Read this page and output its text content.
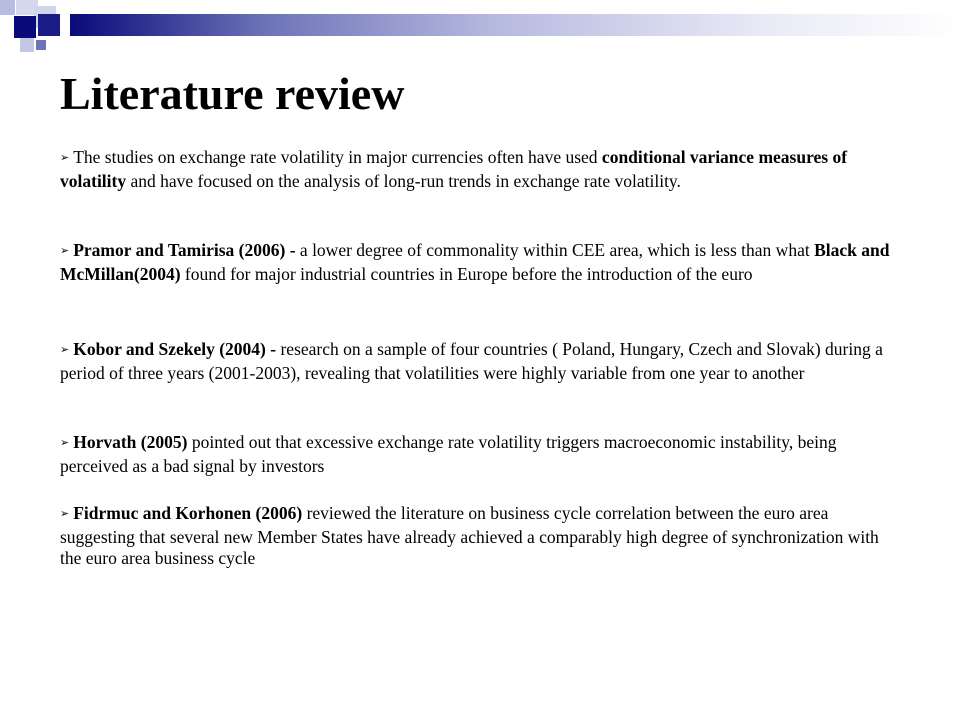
Literature review

➢ The studies on exchange rate volatility in major currencies often have used conditional variance measures of volatility and have focused on the analysis of long-run trends in exchange rate volatility.

➢ Pramor and Tamirisa (2006) - a lower degree of commonality within CEE area, which is less than what Black and McMillan(2004) found for major industrial countries in Europe before the introduction of the euro

➢ Kobor and Szekely (2004) - research on a sample of four countries ( Poland, Hungary, Czech and Slovak) during a period of three years (2001-2003), revealing that volatilities were highly variable from one year to another

➢ Horvath (2005) pointed out that excessive exchange rate volatility triggers macroeconomic instability, being perceived as a bad signal by investors

➢ Fidrmuc and Korhonen (2006) reviewed the literature on business cycle correlation between the euro area suggesting that several new Member States have already achieved a comparably high degree of synchronization with the euro area business cycle
